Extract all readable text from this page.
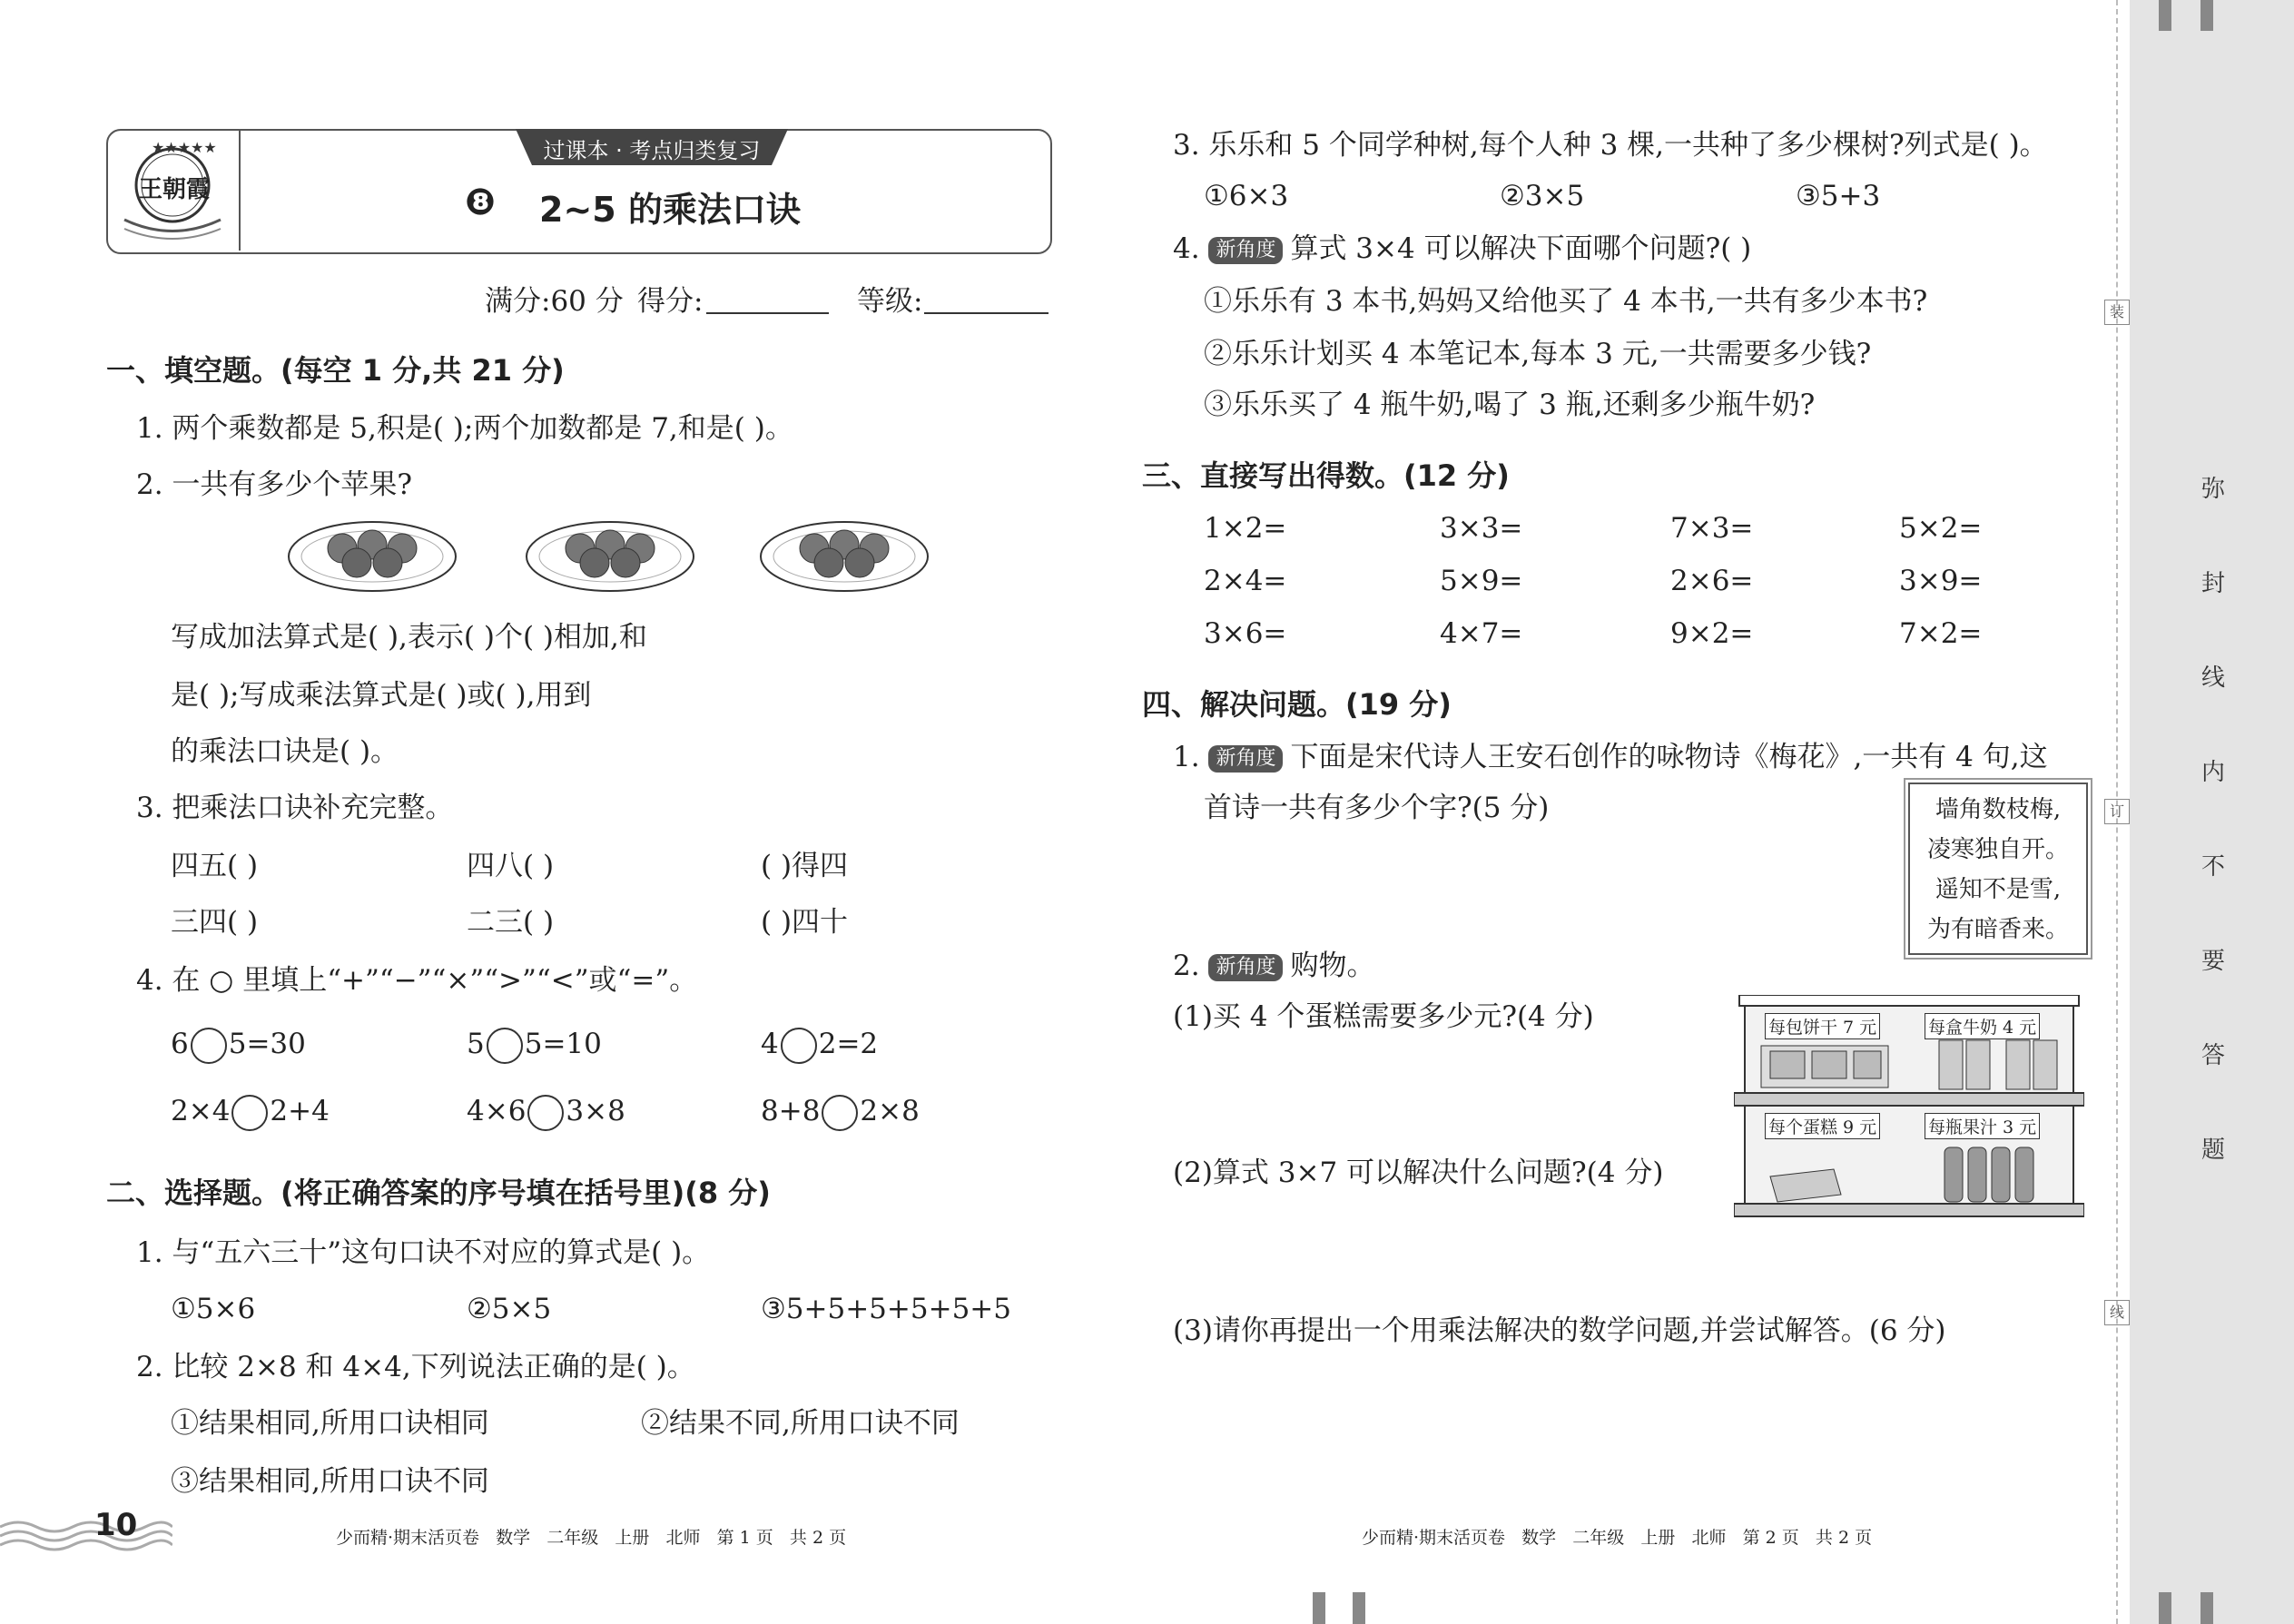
★★★★★
王朝霞
过课本 · 考点归类复习
❽ 2~5 的乘法口诀
满分:60 分 得分:	等级:
一、填空题。(每空 1 分,共 21 分)
1. 两个乘数都是 5,积是( );两个加数都是 7,和是( )。
2. 一共有多少个苹果?
写成加法算式是( ),表示( )个( )相加,和
是( );写成乘法算式是( )或( ),用到
的乘法口诀是( )。
3. 把乘法口诀补充完整。
四五( )	四八( )	( )得四
三四( )	二三( )	( )四十
4. 在 ○ 里填上“+”“−”“×”“>”“<”或“=”。
6 5=30	5 5=10	4 2=2
2×4 2+4	4×6 3×8	8+8 2×8
二、选择题。(将正确答案的序号填在括号里)(8 分)
1. 与“五六三十”这句口诀不对应的算式是( )。
①5×6	②5×5	③5+5+5+5+5+5
2. 比较 2×8 和 4×4,下列说法正确的是( )。
①结果相同,所用口诀相同	②结果不同,所用口诀不同
③结果相同,所用口诀不同
10	少而精·期末活页卷   数学   二年级   上册   北师   第 1 页   共 2 页
3. 乐乐和 5 个同学种树,每个人种 3 棵,一共种了多少棵树?列式是( )。
①6×3	②3×5	③5+3
4. 新角度 算式 3×4 可以解决下面哪个问题?( )
①乐乐有 3 本书,妈妈又给他买了 4 本书,一共有多少本书?
②乐乐计划买 4 本笔记本,每本 3 元,一共需要多少钱?
③乐乐买了 4 瓶牛奶,喝了 3 瓶,还剩多少瓶牛奶?
三、直接写出得数。(12 分)
1×2=	3×3=	7×3=	5×2=
2×4=	5×9=	2×6=	3×9=
3×6=	4×7=	9×2=	7×2=
四、解决问题。(19 分)
1. 新角度 下面是宋代诗人王安石创作的咏物诗《梅花》,一共有 4 句,这
首诗一共有多少个字?(5 分)	墙角数枝梅,
凌寒独自开。
遥知不是雪,
为有暗香来。
2. 新角度 购物。
(1)买 4 个蛋糕需要多少元?(4 分)
(2)算式 3×7 可以解决什么问题?(4 分)
(3)请你再提出一个用乘法解决的数学问题,并尝试解答。(6 分)
每包饼干 7 元	每盒牛奶 4 元
每个蛋糕 9 元	每瓶果汁 3 元
少而精·期末活页卷   数学   二年级   上册   北师   第 2 页   共 2 页
装
订
线
弥
封
线
内
不
要
答
题
